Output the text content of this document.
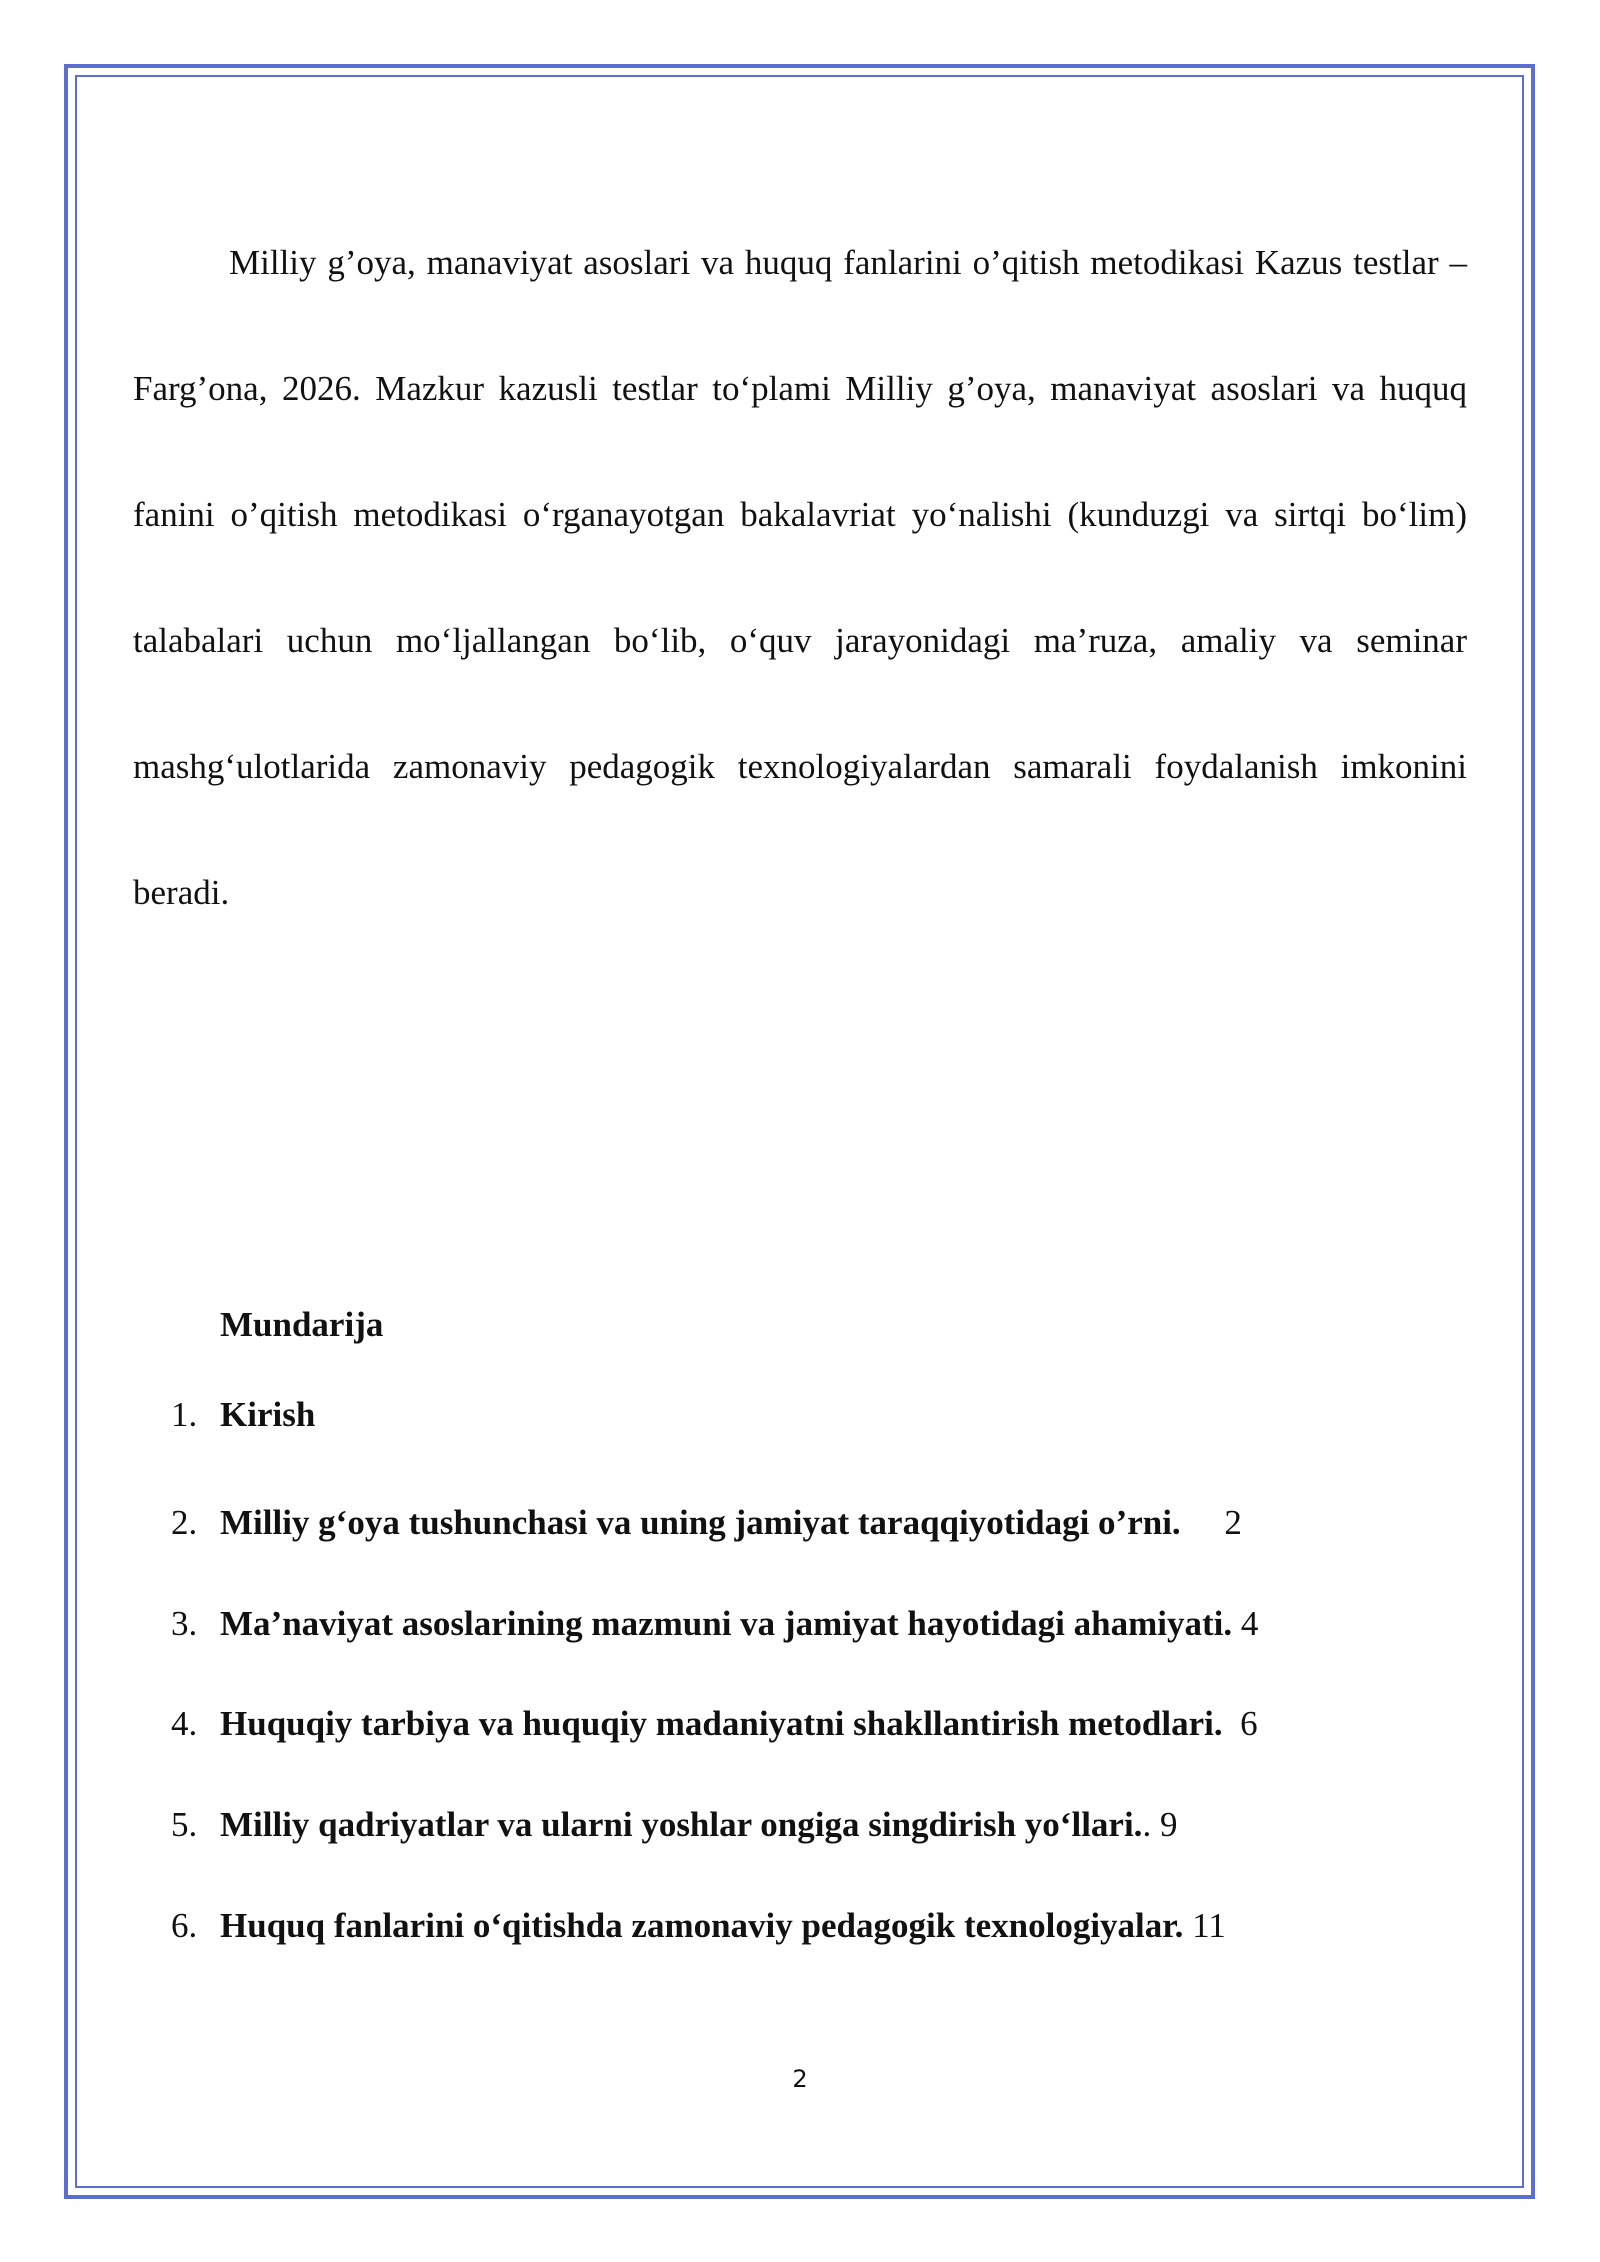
Milliy g’oya, manaviyat asoslari va huquq fanlarini o’qitish metodikasi Kazus testlar – Farg’ona, 2026. Mazkur kazusli testlar to‘plami Milliy g’oya, manaviyat asoslari va huquq fanini o’qitish metodikasi o‘rganayotgan bakalavriat yo‘nalishi (kunduzgi va sirtqi bo‘lim) talabalari uchun mo‘ljallangan bo‘lib, o‘quv jarayonidagi ma’ruza, amaliy va seminar mashg‘ulotlarida zamonaviy pedagogik texnologiyalardan samarali foydalanish imkonini beradi.

Mundarija

1. Kirish

2. Milliy g‘oya tushunchasi va uning jamiyat taraqqiyotidagi o’rni.     2

3. Ma’naviyat asoslarining mazmuni va jamiyat hayotidagi ahamiyati. 4

4. Huquqiy tarbiya va huquqiy madaniyatni shakllantirish metodlari.  6

5. Milliy qadriyatlar va ularni yoshlar ongiga singdirish yo‘llari.. 9

6. Huquq fanlarini o‘qitishda zamonaviy pedagogik texnologiyalar. 11

2
